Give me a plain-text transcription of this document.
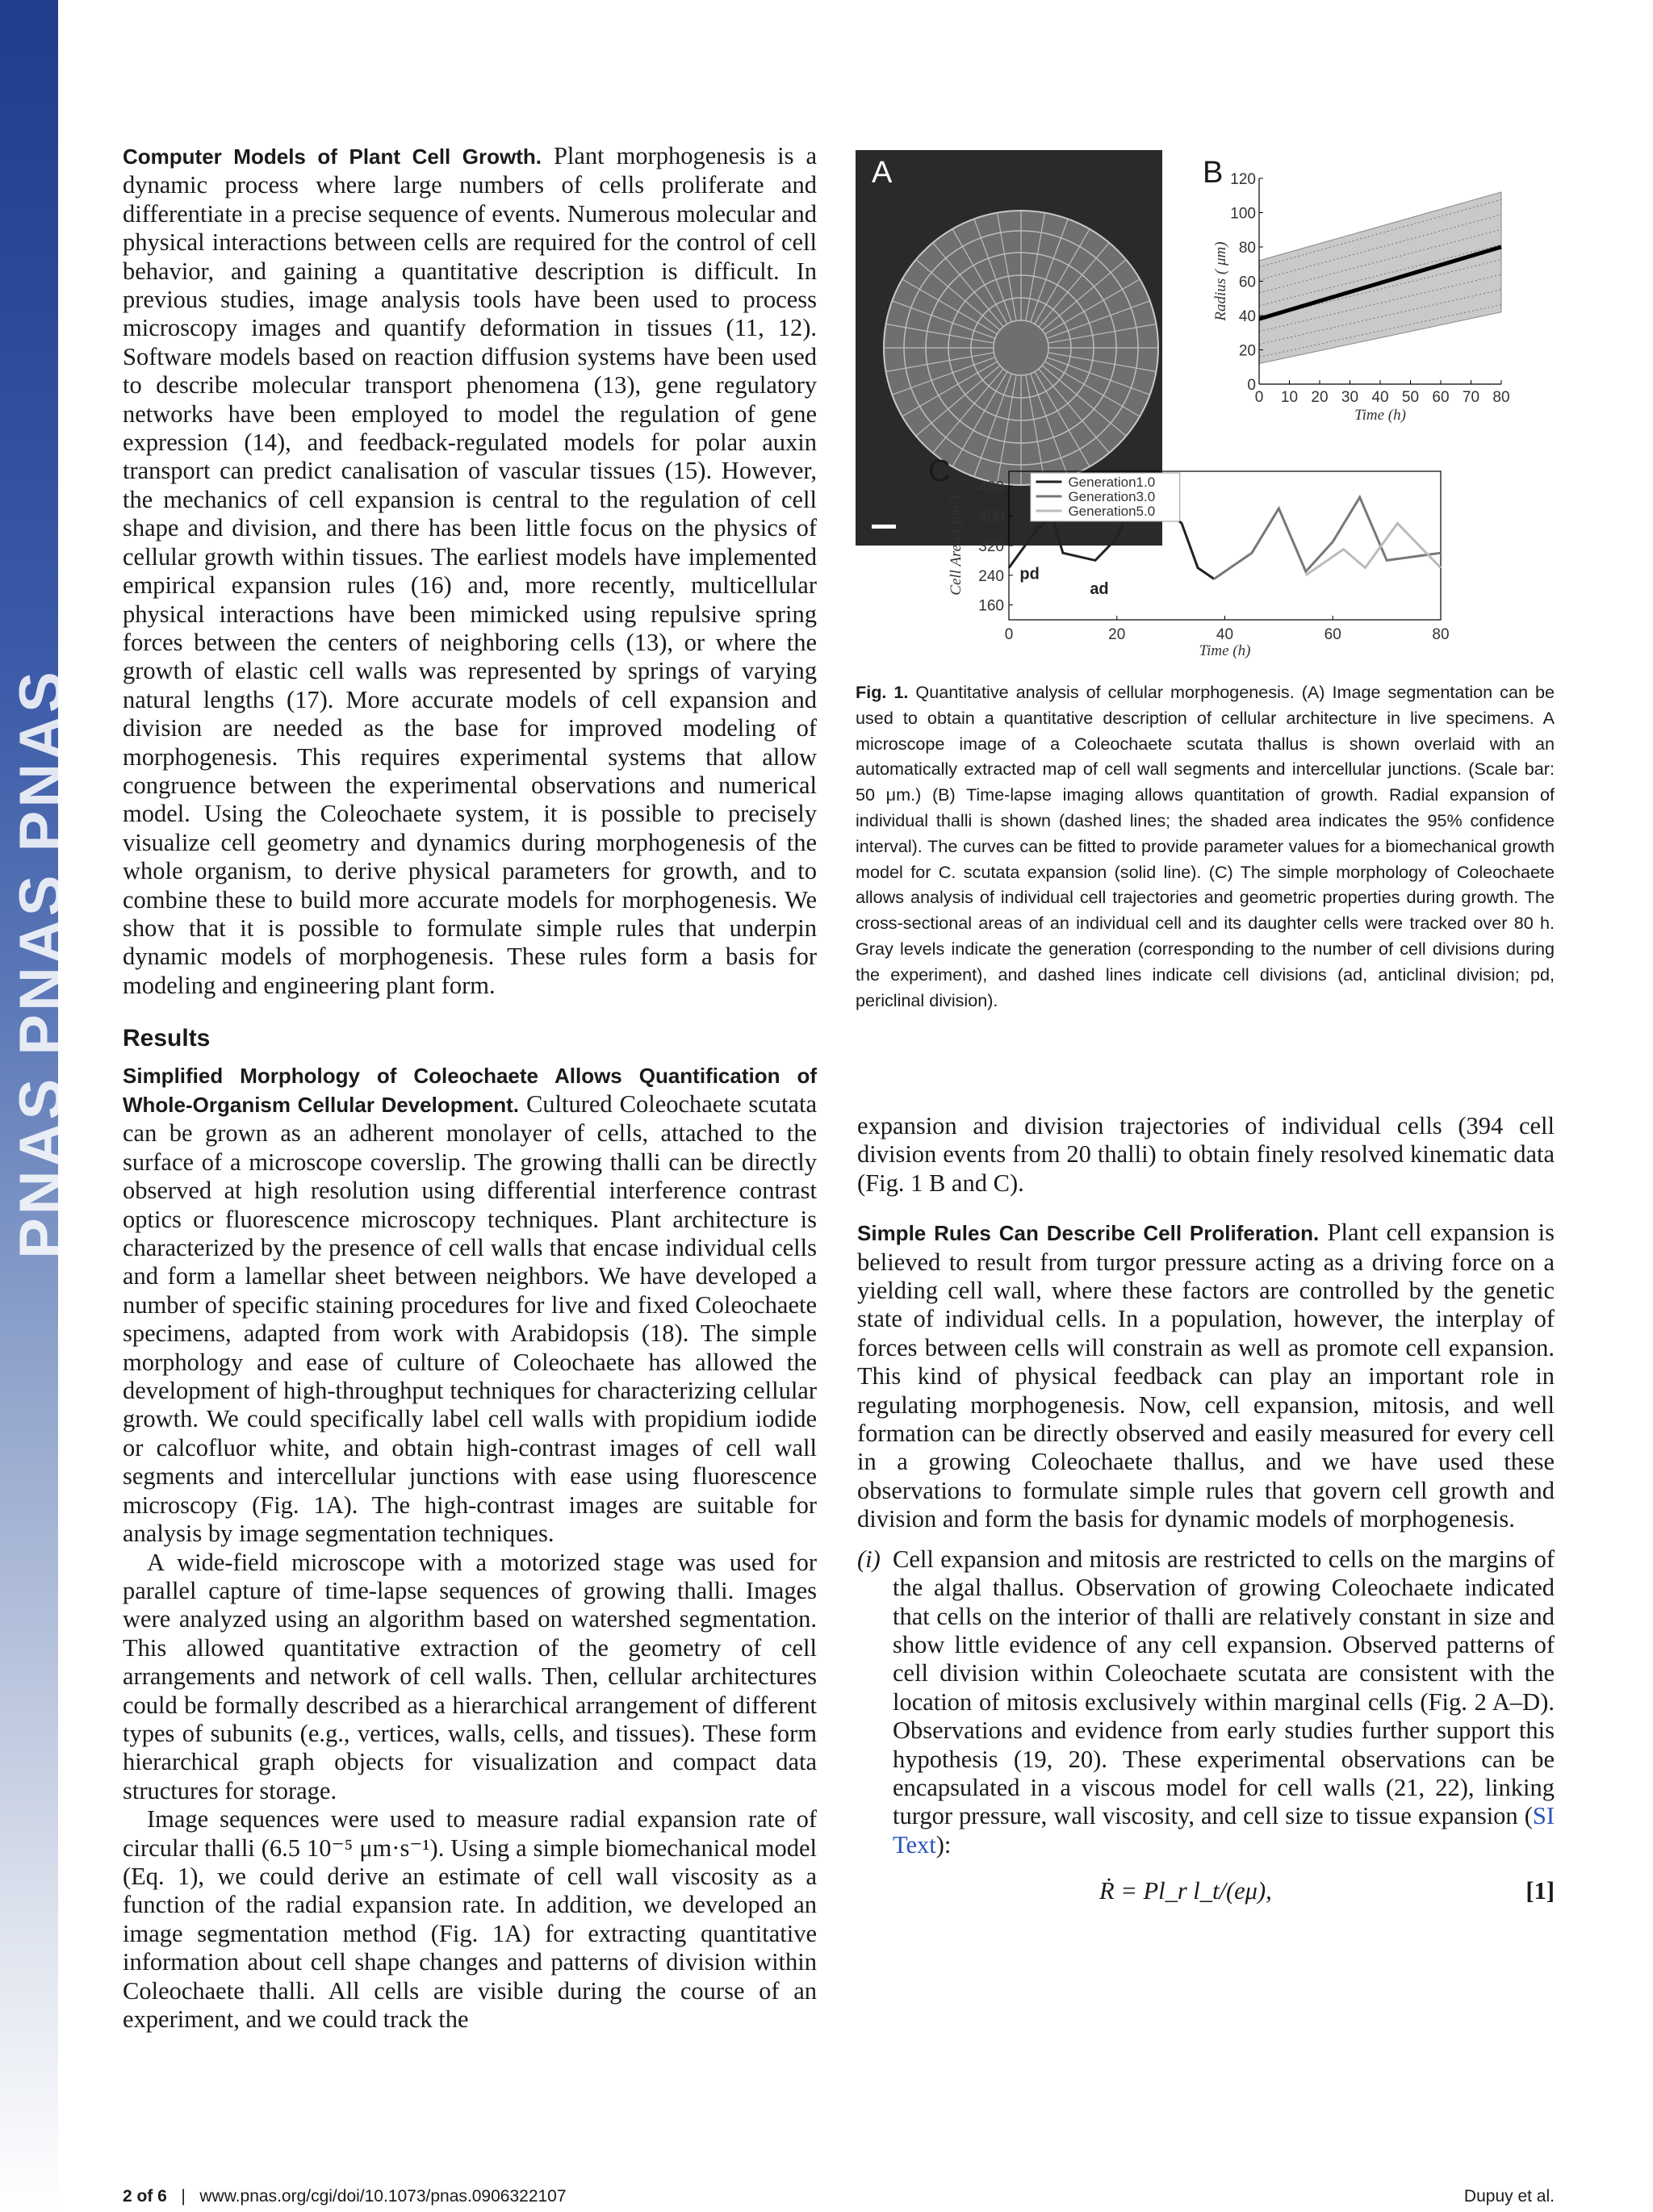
PNAS PNAS PNAS

Computer Models of Plant Cell Growth. Plant morphogenesis is a dynamic process where large numbers of cells proliferate and differentiate in a precise sequence of events. Numerous molecular and physical interactions between cells are required for the control of cell behavior, and gaining a quantitative description is difficult. In previous studies, image analysis tools have been used to process microscopy images and quantify deformation in tissues (11, 12). Software models based on reaction diffusion systems have been used to describe molecular transport phenomena (13), gene regulatory networks have been employed to model the regulation of gene expression (14), and feedback-regulated models for polar auxin transport can predict canalisation of vascular tissues (15). However, the mechanics of cell expansion is central to the regulation of cell shape and division, and there has been little focus on the physics of cellular growth within tissues. The earliest models have implemented empirical expansion rules (16) and, more recently, multicellular physical interactions have been mimicked using repulsive spring forces between the centers of neighboring cells (13), or where the growth of elastic cell walls was represented by springs of varying natural lengths (17). More accurate models of cell expansion and division are needed as the base for improved modeling of morphogenesis. This requires experimental systems that allow congruence between the experimental observations and numerical model. Using the Coleochaete system, it is possible to precisely visualize cell geometry and dynamics during morphogenesis of the whole organism, to derive physical parameters for growth, and to combine these to build more accurate models for morphogenesis. We show that it is possible to formulate simple rules that underpin dynamic models of morphogenesis. These rules form a basis for modeling and engineering plant form.

Results

Simplified Morphology of Coleochaete Allows Quantification of Whole-Organism Cellular Development. Cultured Coleochaete scutata can be grown as an adherent monolayer of cells, attached to the surface of a microscope coverslip. The growing thalli can be directly observed at high resolution using differential interference contrast optics or fluorescence microscopy techniques. Plant architecture is characterized by the presence of cell walls that encase individual cells and form a lamellar sheet between neighbors. We have developed a number of specific staining procedures for live and fixed Coleochaete specimens, adapted from work with Arabidopsis (18). The simple morphology and ease of culture of Coleochaete has allowed the development of high-throughput techniques for characterizing cellular growth. We could specifically label cell walls with propidium iodide or calcofluor white, and obtain high-contrast images of cell wall segments and intercellular junctions with ease using fluorescence microscopy (Fig. 1A). The high-contrast images are suitable for analysis by image segmentation techniques.

A wide-field microscope with a motorized stage was used for parallel capture of time-lapse sequences of growing thalli. Images were analyzed using an algorithm based on watershed segmentation. This allowed quantitative extraction of the geometry of cell arrangements and network of cell walls. Then, cellular architectures could be formally described as a hierarchical arrangement of different types of subunits (e.g., vertices, walls, cells, and tissues). These form hierarchical graph objects for visualization and compact data structures for storage.

Image sequences were used to measure radial expansion rate of circular thalli (6.5 10⁻⁵ μm·s⁻¹). Using a simple biomechanical model (Eq. 1), we could derive an estimate of cell wall viscosity as a function of the radial expansion rate. In addition, we developed an image segmentation method (Fig. 1A) for extracting quantitative information about cell shape changes and patterns of division within Coleochaete thalli. All cells are visible during the course of an experiment, and we could track the

A	B
0 10 20 30 40 50 60 70 80
0
20
40
60
80
100
120
Time (h)
Radius ( μm)
C
0	20	40	60	80
160
240
320
400
480
Time (h)
Cell Area ( μm²)
Generation1.0
Generation3.0
Generation5.0
pd
ad
Fig. 1. Quantitative analysis of cellular morphogenesis. (A) Image segmentation can be used to obtain a quantitative description of cellular architecture in live specimens. A microscope image of a Coleochaete scutata thallus is shown overlaid with an automatically extracted map of cell wall segments and intercellular junctions. (Scale bar: 50 μm.) (B) Time-lapse imaging allows quantitation of growth. Radial expansion of individual thalli is shown (dashed lines; the shaded area indicates the 95% confidence interval). The curves can be fitted to provide parameter values for a biomechanical growth model for C. scutata expansion (solid line). (C) The simple morphology of Coleochaete allows analysis of individual cell trajectories and geometric properties during growth. The cross-sectional areas of an individual cell and its daughter cells were tracked over 80 h. Gray levels indicate the generation (corresponding to the number of cell divisions during the experiment), and dashed lines indicate cell divisions (ad, anticlinal division; pd, periclinal division).

expansion and division trajectories of individual cells (394 cell division events from 20 thalli) to obtain finely resolved kinematic data (Fig. 1 B and C).

Simple Rules Can Describe Cell Proliferation. Plant cell expansion is believed to result from turgor pressure acting as a driving force on a yielding cell wall, where these factors are controlled by the genetic state of individual cells. In a population, however, the interplay of forces between cells will constrain as well as promote cell expansion. This kind of physical feedback can play an important role in regulating morphogenesis. Now, cell expansion, mitosis, and well formation can be directly observed and easily measured for every cell in a growing Coleochaete thallus, and we have used these observations to formulate simple rules that govern cell growth and division and form the basis for dynamic models of morphogenesis.

(i) Cell expansion and mitosis are restricted to cells on the margins of the algal thallus. Observation of growing Coleochaete indicated that cells on the interior of thalli are relatively constant in size and show little evidence of any cell expansion. Observed patterns of cell division within Coleochaete scutata are consistent with the location of mitosis exclusively within marginal cells (Fig. 2 A–D). Observations and evidence from early studies further support this hypothesis (19, 20). These experimental observations can be encapsulated in a viscous model for cell walls (21, 22), linking turgor pressure, wall viscosity, and cell size to tissue expansion (SI Text):
Ṙ = Pl_r l_t/(eμ),	[1]
2 of 6 | www.pnas.org/cgi/doi/10.1073/pnas.0906322107	Dupuy et al.
